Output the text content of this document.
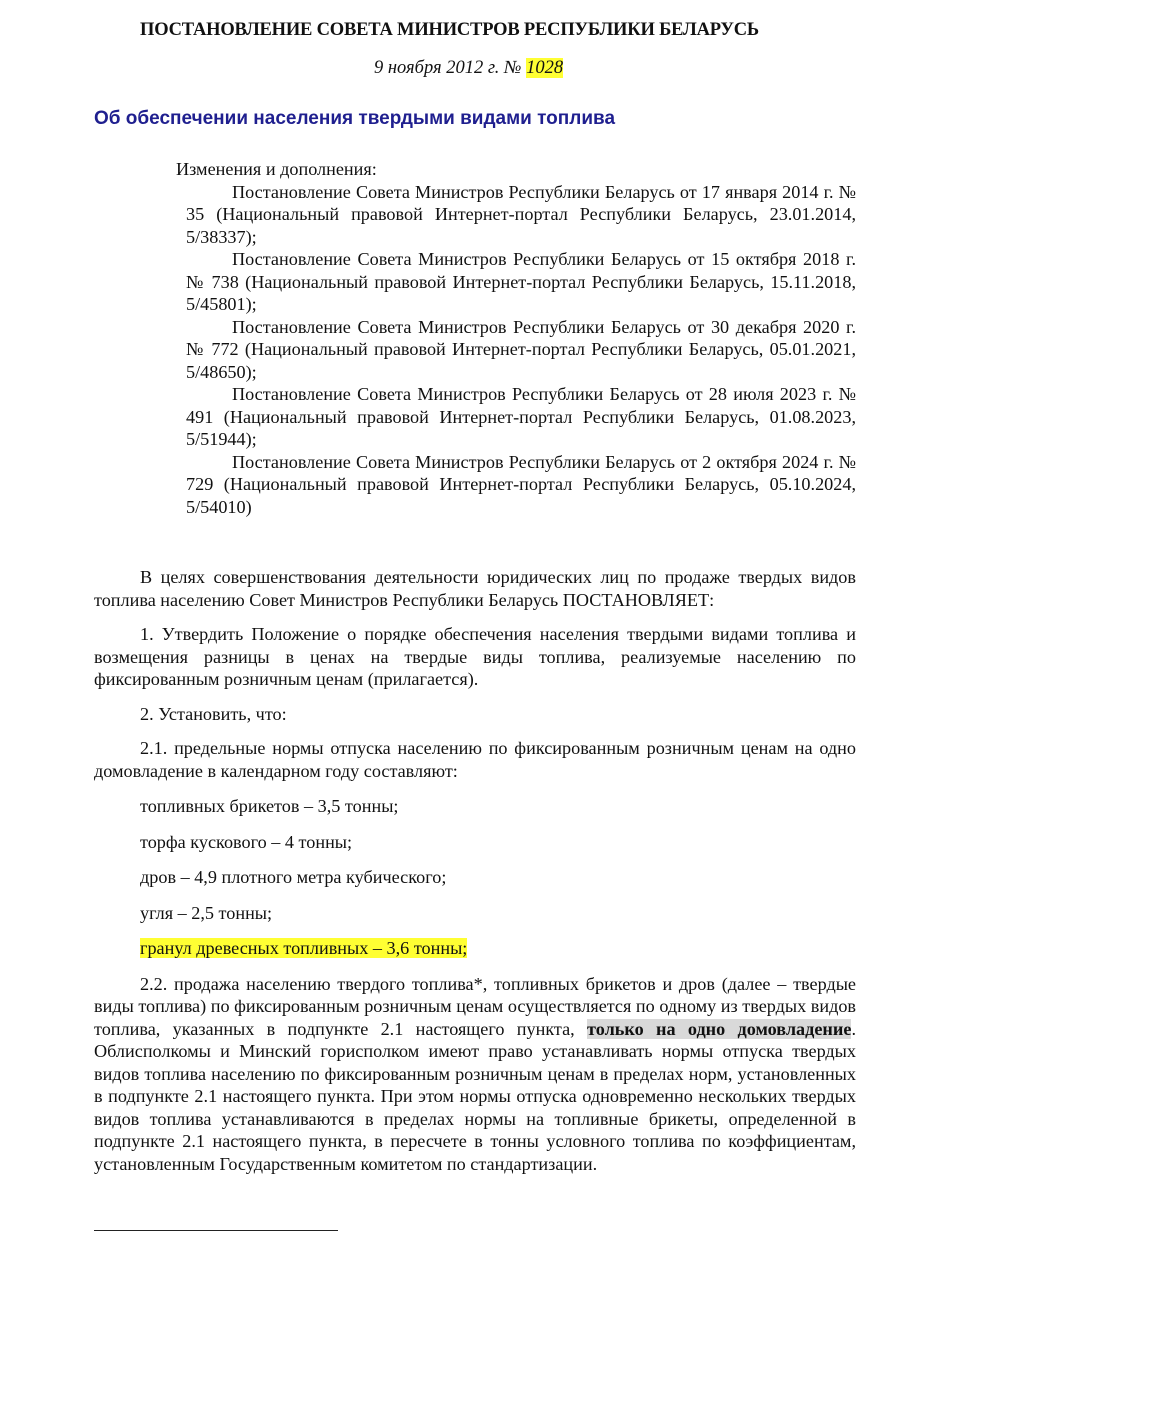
ПОСТАНОВЛЕНИЕ СОВЕТА МИНИСТРОВ РЕСПУБЛИКИ БЕЛАРУСЬ
9 ноября 2012 г. № 1028
Об обеспечении населения твердыми видами топлива
Изменения и дополнения:

Постановление Совета Министров Республики Беларусь от 17 января 2014 г. № 35 (Национальный правовой Интернет-портал Республики Беларусь, 23.01.2014, 5/38337);

Постановление Совета Министров Республики Беларусь от 15 октября 2018 г. № 738 (Национальный правовой Интернет-портал Республики Беларусь, 15.11.2018, 5/45801);

Постановление Совета Министров Республики Беларусь от 30 декабря 2020 г. № 772 (Национальный правовой Интернет-портал Республики Беларусь, 05.01.2021, 5/48650);

Постановление Совета Министров Республики Беларусь от 28 июля 2023 г. № 491 (Национальный правовой Интернет-портал Республики Беларусь, 01.08.2023, 5/51944);

Постановление Совета Министров Республики Беларусь от 2 октября 2024 г. № 729 (Национальный правовой Интернет-портал Республики Беларусь, 05.10.2024, 5/54010)

В целях совершенствования деятельности юридических лиц по продаже твердых видов топлива населению Совет Министров Республики Беларусь ПОСТАНОВЛЯЕТ:

1. Утвердить Положение о порядке обеспечения населения твердыми видами топлива и возмещения разницы в ценах на твердые виды топлива, реализуемые населению по фиксированным розничным ценам (прилагается).

2. Установить, что:

2.1. предельные нормы отпуска населению по фиксированным розничным ценам на одно домовладение в календарном году составляют:

топливных брикетов – 3,5 тонны;

торфа кускового – 4 тонны;

дров – 4,9 плотного метра кубического;

угля – 2,5 тонны;

гранул древесных топливных – 3,6 тонны;

2.2. продажа населению твердого топлива*, топливных брикетов и дров (далее – твердые виды топлива) по фиксированным розничным ценам осуществляется по одному из твердых видов топлива, указанных в подпункте 2.1 настоящего пункта, только на одно домовладение. Облисполкомы и Минский горисполком имеют право устанавливать нормы отпуска твердых видов топлива населению по фиксированным розничным ценам в пределах норм, установленных в подпункте 2.1 настоящего пункта. При этом нормы отпуска одновременно нескольких твердых видов топлива устанавливаются в пределах нормы на топливные брикеты, определенной в подпункте 2.1 настоящего пункта, в пересчете в тонны условного топлива по коэффициентам, установленным Государственным комитетом по стандартизации.
